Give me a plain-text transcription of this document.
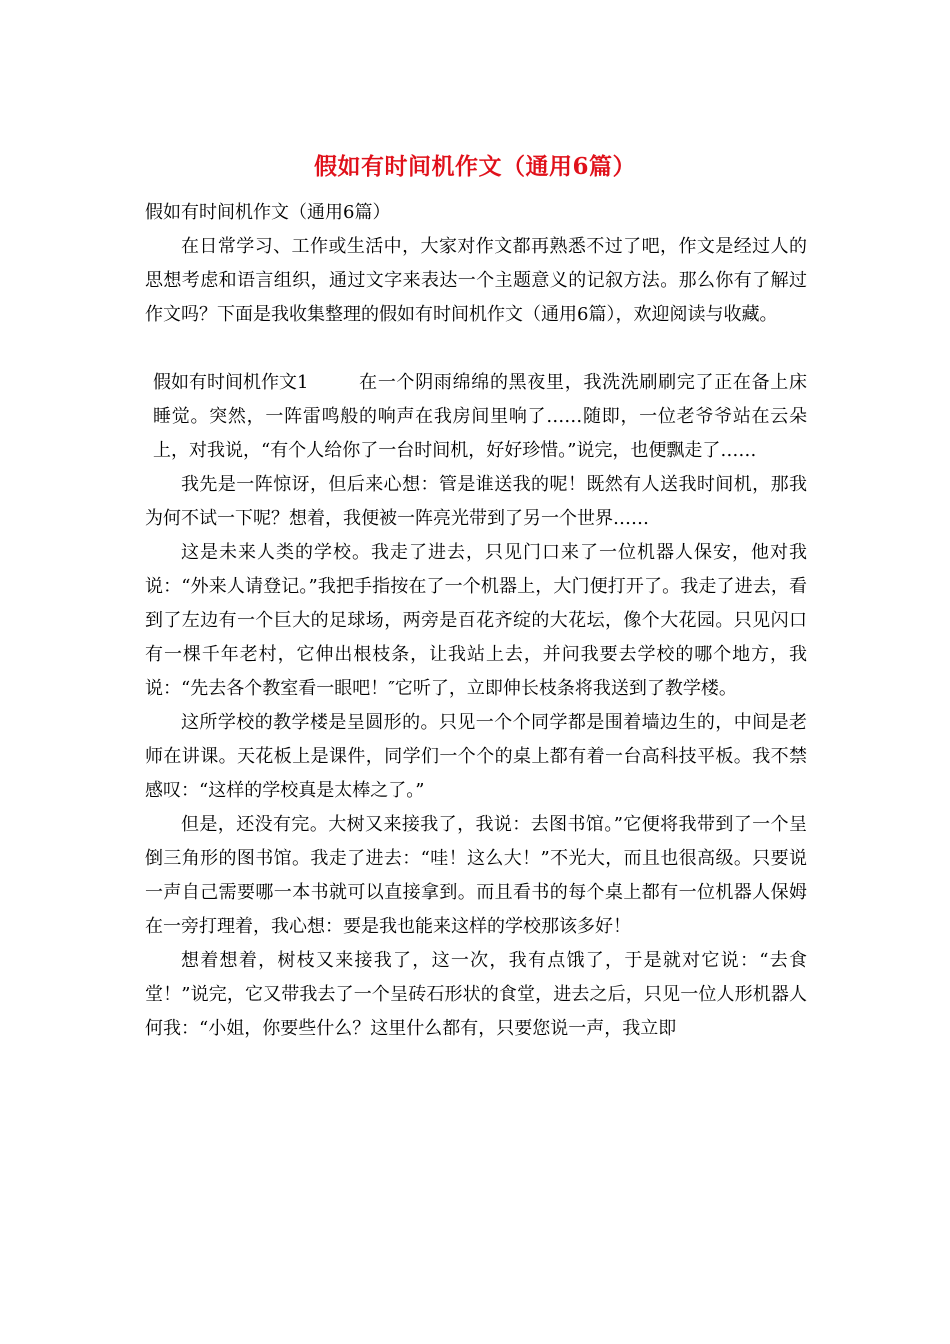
假如有时间机作文（通用6篇）

假如有时间机作文（通用6篇）

在日常学习、工作或生活中，大家对作文都再熟悉不过了吧，作文是经过人的思想考虑和语言组织，通过文字来表达一个主题意义的记叙方法。那么你有了解过作文吗？下面是我收集整理的假如有时间机作文（通用6篇），欢迎阅读与收藏。

假如有时间机作文1	在一个阴雨绵绵的黑夜里，我洗洗刷刷完了正在备上床睡觉。突然，一阵雷鸣般的响声在我房间里响了……随即，一位老爷爷站在云朵上，对我说，“有个人给你了一台时间机，好好珍惜。”说完，也便飘走了……

我先是一阵惊讶，但后来心想：管是谁送我的呢！既然有人送我时间机，那我为何不试一下呢？想着，我便被一阵亮光带到了另一个世界……

这是未来人类的学校。我走了进去，只见门口来了一位机器人保安，他对我说：“外来人请登记。”我把手指按在了一个机器上，大门便打开了。我走了进去，看到了左边有一个巨大的足球场，两旁是百花齐绽的大花坛，像个大花园。只见闪口有一棵千年老村，它伸出根枝条，让我站上去，并问我要去学校的哪个地方，我说：“先去各个教室看一眼吧！″它听了，立即伸长枝条将我送到了教学楼。

这所学校的教学楼是呈圆形的。只见一个个同学都是围着墙边生的，中间是老师在讲课。天花板上是课件，同学们一个个的桌上都有着一台高科技平板。我不禁感叹：“这样的学校真是太棒之了。”

但是，还没有完。大树又来接我了，我说：去图书馆。”它便将我带到了一个呈倒三角形的图书馆。我走了进去：“哇！这么大！”不光大，而且也很高级。只要说一声自己需要哪一本书就可以直接拿到。而且看书的每个桌上都有一位机器人保姆在一旁打理着，我心想：要是我也能来这样的学校那该多好！

想着想着，树枝又来接我了，这一次，我有点饿了，于是就对它说：“去食堂！”说完，它又带我去了一个呈砖石形状的食堂，进去之后，只见一位人形机器人何我：“小姐，你要些什么？这里什么都有，只要您说一声，我立即
